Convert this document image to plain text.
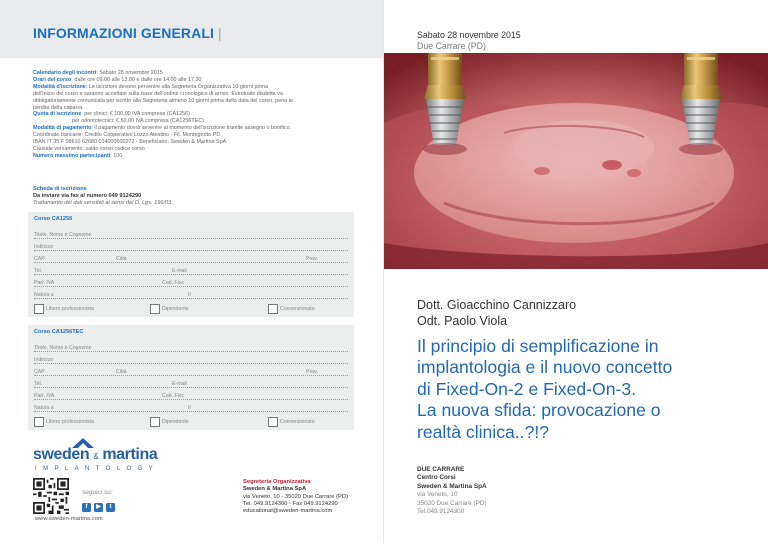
INFORMAZIONI GENERALI |
Calendario degli incontri: Sabato 28 novembre 2015
Orari del corso: dalle ore 09.00 alle 13.00 e dalle ore 14.00 alle 17.30
Modalità d'iscrizione: Le iscrizioni devono pervenire alla Segreteria Organizzativa 10 giorni prima
dell'inizio del corso e saranno accettate sulla base dell'ordine cronologico di arrivo. Eventuale disdetta va
obbligatoriamente comunicata per iscritto alla Segreteria almeno 10 giorni prima della data del corso, pena la
perdita della caparra.
Quota di iscrizione: per clinici: € 100,00 IVA compresa (CA1256)
per odontotecnici: € 50,00 IVA compresa (CA1256TEC)
Modalità di pagamento: il pagamento dovrà avvenire al momento dell'iscrizione tramite assegno o bonifico.
Coordinate bancarie: Credito Cooperativo Lozzo Atestino - Fil. Montegrotto PD
IBAN IT 35 F 08610 62680 014000500272 - Beneficiario: Sweden & Martina SpA
Causale versamento: saldo corso codice corso
Numero massimo partecipanti: 100
Scheda di iscrizione
Da inviare via fax al numero 049 9124290
Trattamento dei dati sensibili ai sensi del D. Lgs. 196/03.
Corso CA1256
Titolo, Nome e Cognome
Indirizzo
CAP	Città	Prov.
Tel.	E-mail
Part. IVA	Cod. Fisc
Nato/a a	Il
Libero professionista	Dipendente	Convenzionato
Corso CA1256TEC
Titolo, Nome e Cognome
Indirizzo
CAP	Città	Prov.
Tel.	E-mail
Part. IVA	Cod. Fisc
Nato/a a	Il
Libero professionista	Dipendente	Convenzionato
sweden & martina
IMPLANTOLOGY
seguici su:
f	▶	t
www.sweden-martina.com
Segreteria Organizzativa
Sweden & Martina SpA
via Veneto, 10 - 35020 Due Carrare (PD)
Tel. 049.9124300 - Fax 049.9124290
educational@sweden-martina.com
Sabato 28 novembre 2015
Due Carrare (PD)
Dott. Gioacchino Cannizzaro
Odt. Paolo Viola
Il principio di semplificazione in
implantologia e il nuovo concetto
di Fixed-On-2 e Fixed-On-3.
La nuova sfida: provocazione o
realtà clinica..?!?
DUE CARRARE
Centro Corsi
Sweden & Martina SpA
via Veneto, 10
35020 Due Carrare (PD)
Tel.049.9124300
